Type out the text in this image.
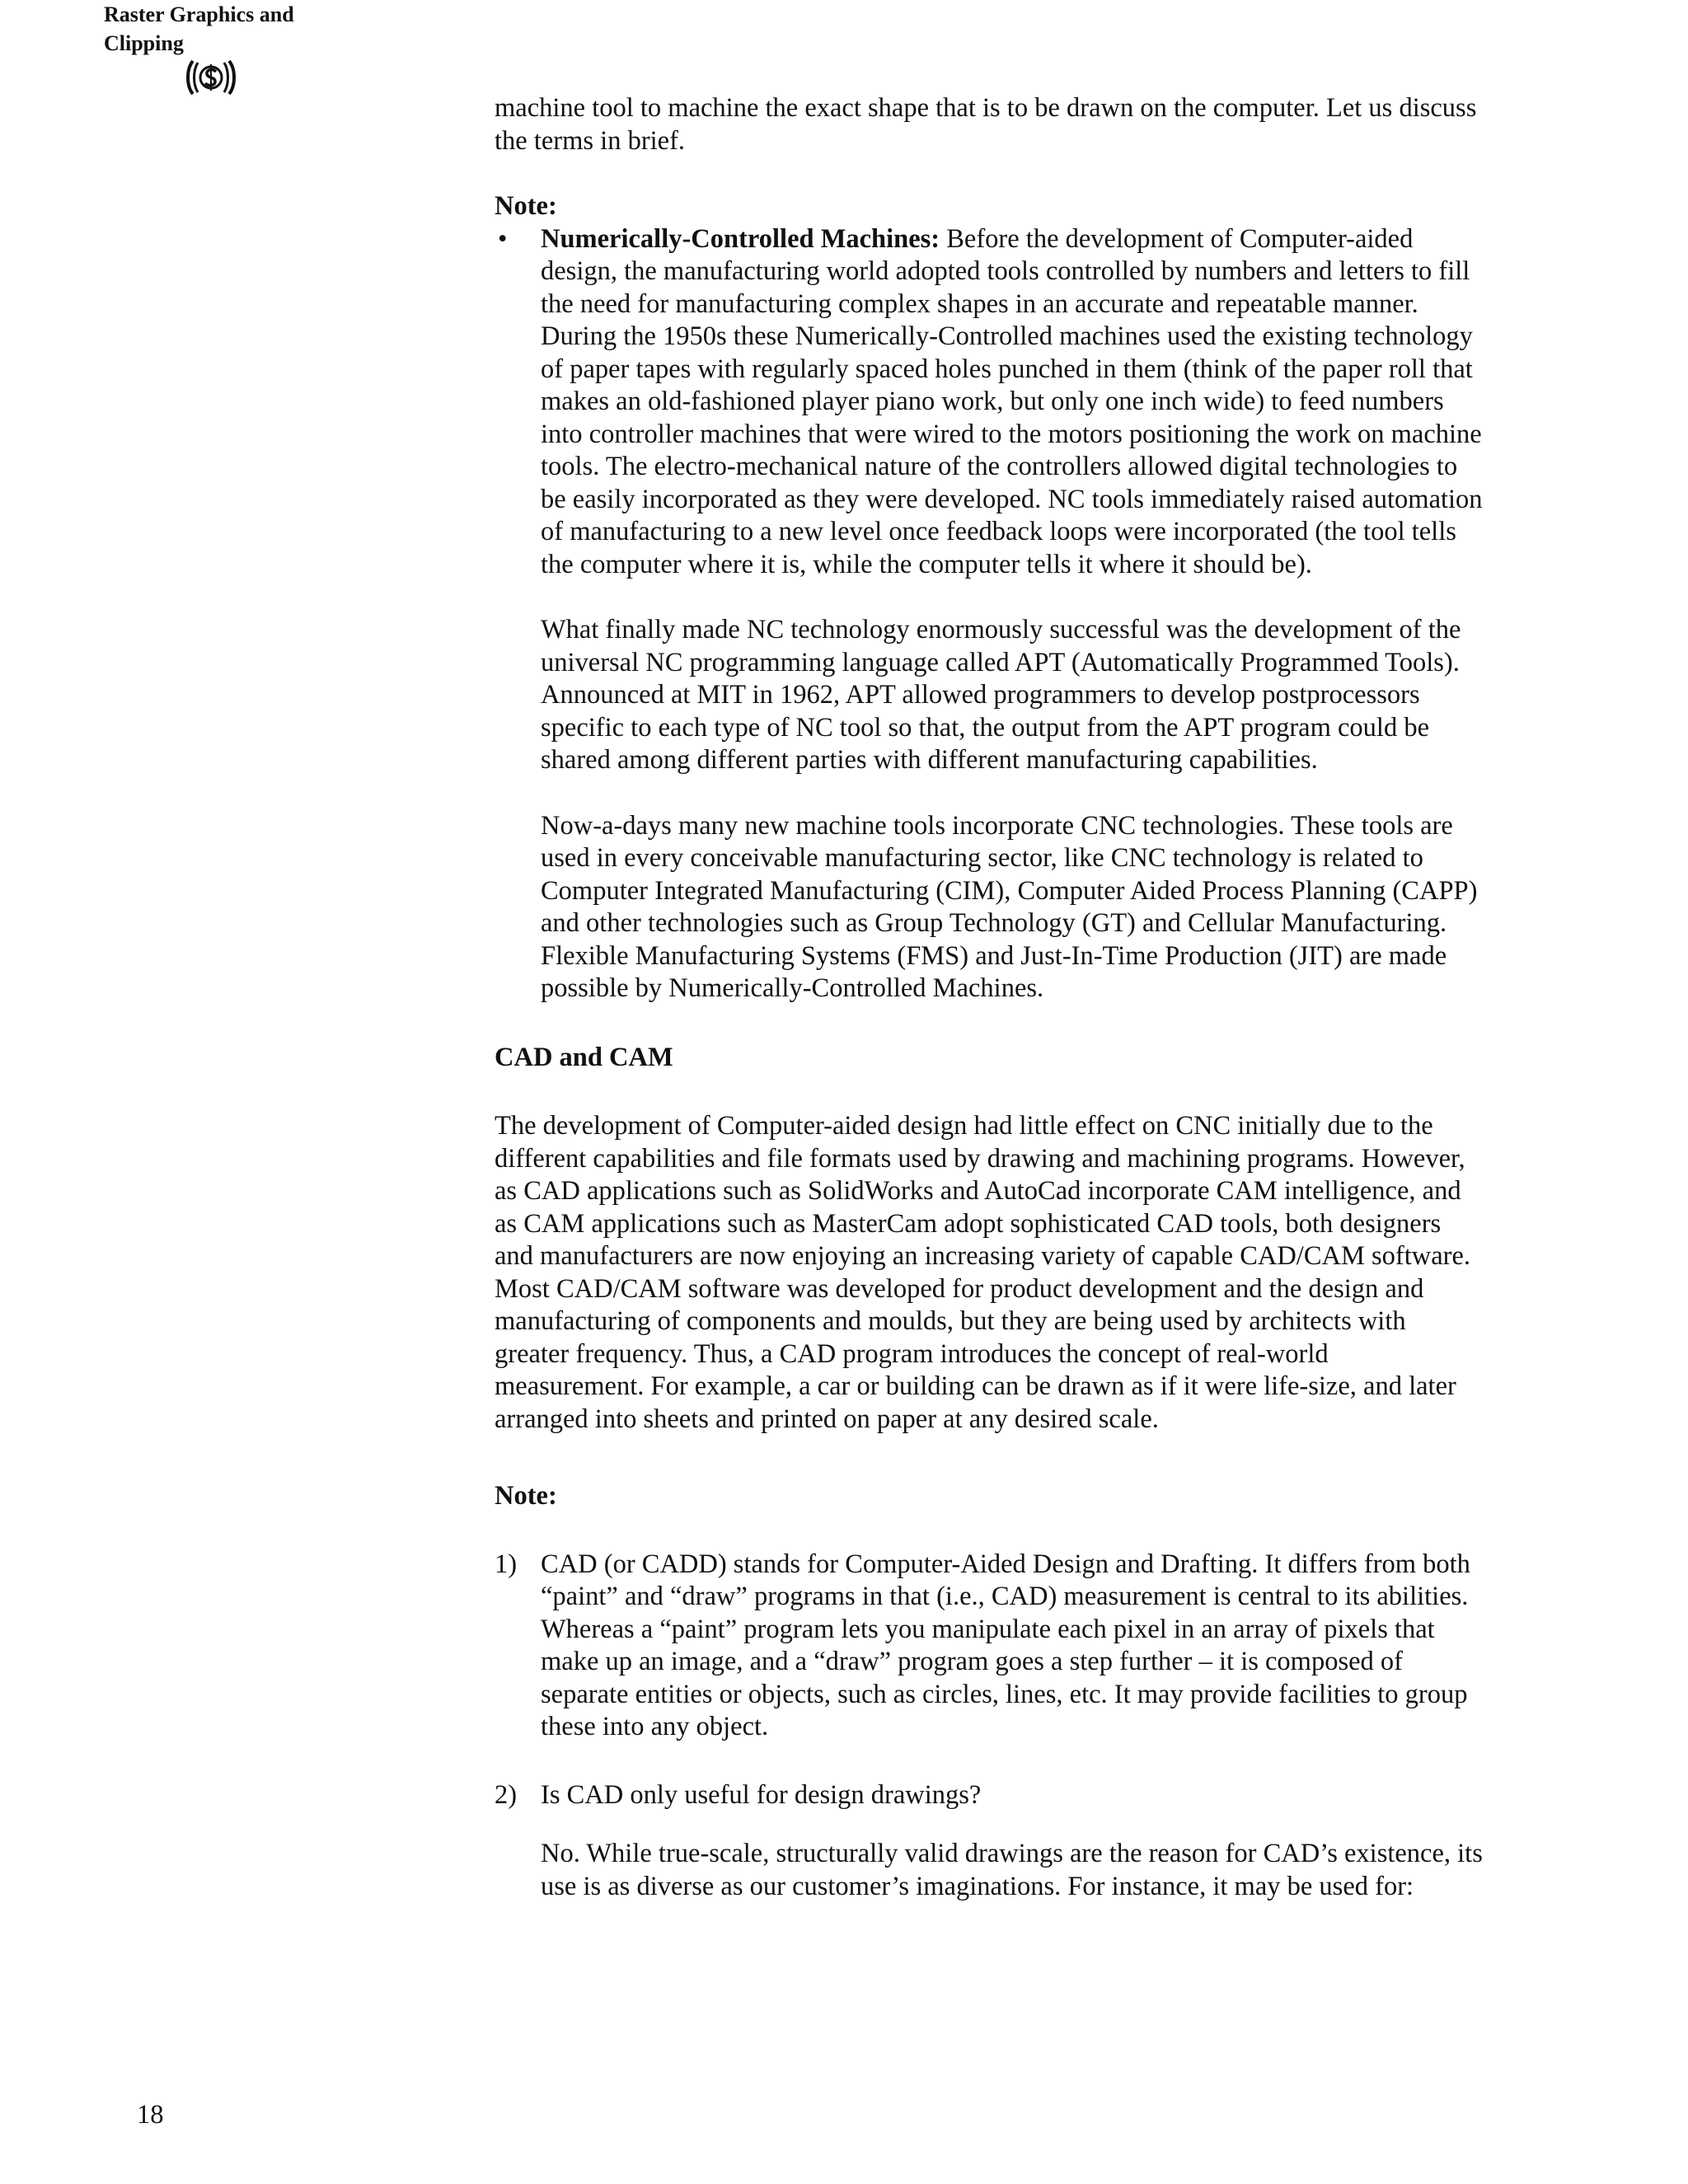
Raster Graphics and
Clipping

machine tool to machine the exact shape that is to be drawn on the computer. Let us discuss the terms in brief.

Note:

• Numerically-Controlled Machines: Before the development of Computer-aided design, the manufacturing world adopted tools controlled by numbers and letters to fill the need for manufacturing complex shapes in an accurate and repeatable manner. During the 1950s these Numerically-Controlled machines used the existing technology of paper tapes with regularly spaced holes punched in them (think of the paper roll that makes an old-fashioned player piano work, but only one inch wide) to feed numbers into controller machines that were wired to the motors positioning the work on machine tools. The electro-mechanical nature of the controllers allowed digital technologies to be easily incorporated as they were developed. NC tools immediately raised automation of manufacturing to a new level once feedback loops were incorporated (the tool tells the computer where it is, while the computer tells it where it should be).

What finally made NC technology enormously successful was the development of the universal NC programming language called APT (Automatically Programmed Tools). Announced at MIT in 1962, APT allowed programmers to develop postprocessors specific to each type of NC tool so that, the output from the APT program could be shared among different parties with different manufacturing capabilities.

Now-a-days many new machine tools incorporate CNC technologies. These tools are used in every conceivable manufacturing sector, like CNC technology is related to Computer Integrated Manufacturing (CIM), Computer Aided Process Planning (CAPP) and other technologies such as Group Technology (GT) and Cellular Manufacturing. Flexible Manufacturing Systems (FMS) and Just-In-Time Production (JIT) are made possible by Numerically-Controlled Machines.

CAD and CAM

The development of Computer-aided design had little effect on CNC initially due to the different capabilities and file formats used by drawing and machining programs. However, as CAD applications such as SolidWorks and AutoCad incorporate CAM intelligence, and as CAM applications such as MasterCam adopt sophisticated CAD tools, both designers and manufacturers are now enjoying an increasing variety of capable CAD/CAM software. Most CAD/CAM software was developed for product development and the design and manufacturing of components and moulds, but they are being used by architects with greater frequency. Thus, a CAD program introduces the concept of real-world measurement. For example, a car or building can be drawn as if it were life-size, and later arranged into sheets and printed on paper at any desired scale.

Note:

1) CAD (or CADD) stands for Computer-Aided Design and Drafting. It differs from both “paint” and “draw” programs in that (i.e., CAD) measurement is central to its abilities. Whereas a “paint” program lets you manipulate each pixel in an array of pixels that make up an image, and a “draw” program goes a step further – it is composed of separate entities or objects, such as circles, lines, etc. It may provide facilities to group these into any object.

2) Is CAD only useful for design drawings?

No. While true-scale, structurally valid drawings are the reason for CAD’s existence, its use is as diverse as our customer’s imaginations. For instance, it may be used for:

18
